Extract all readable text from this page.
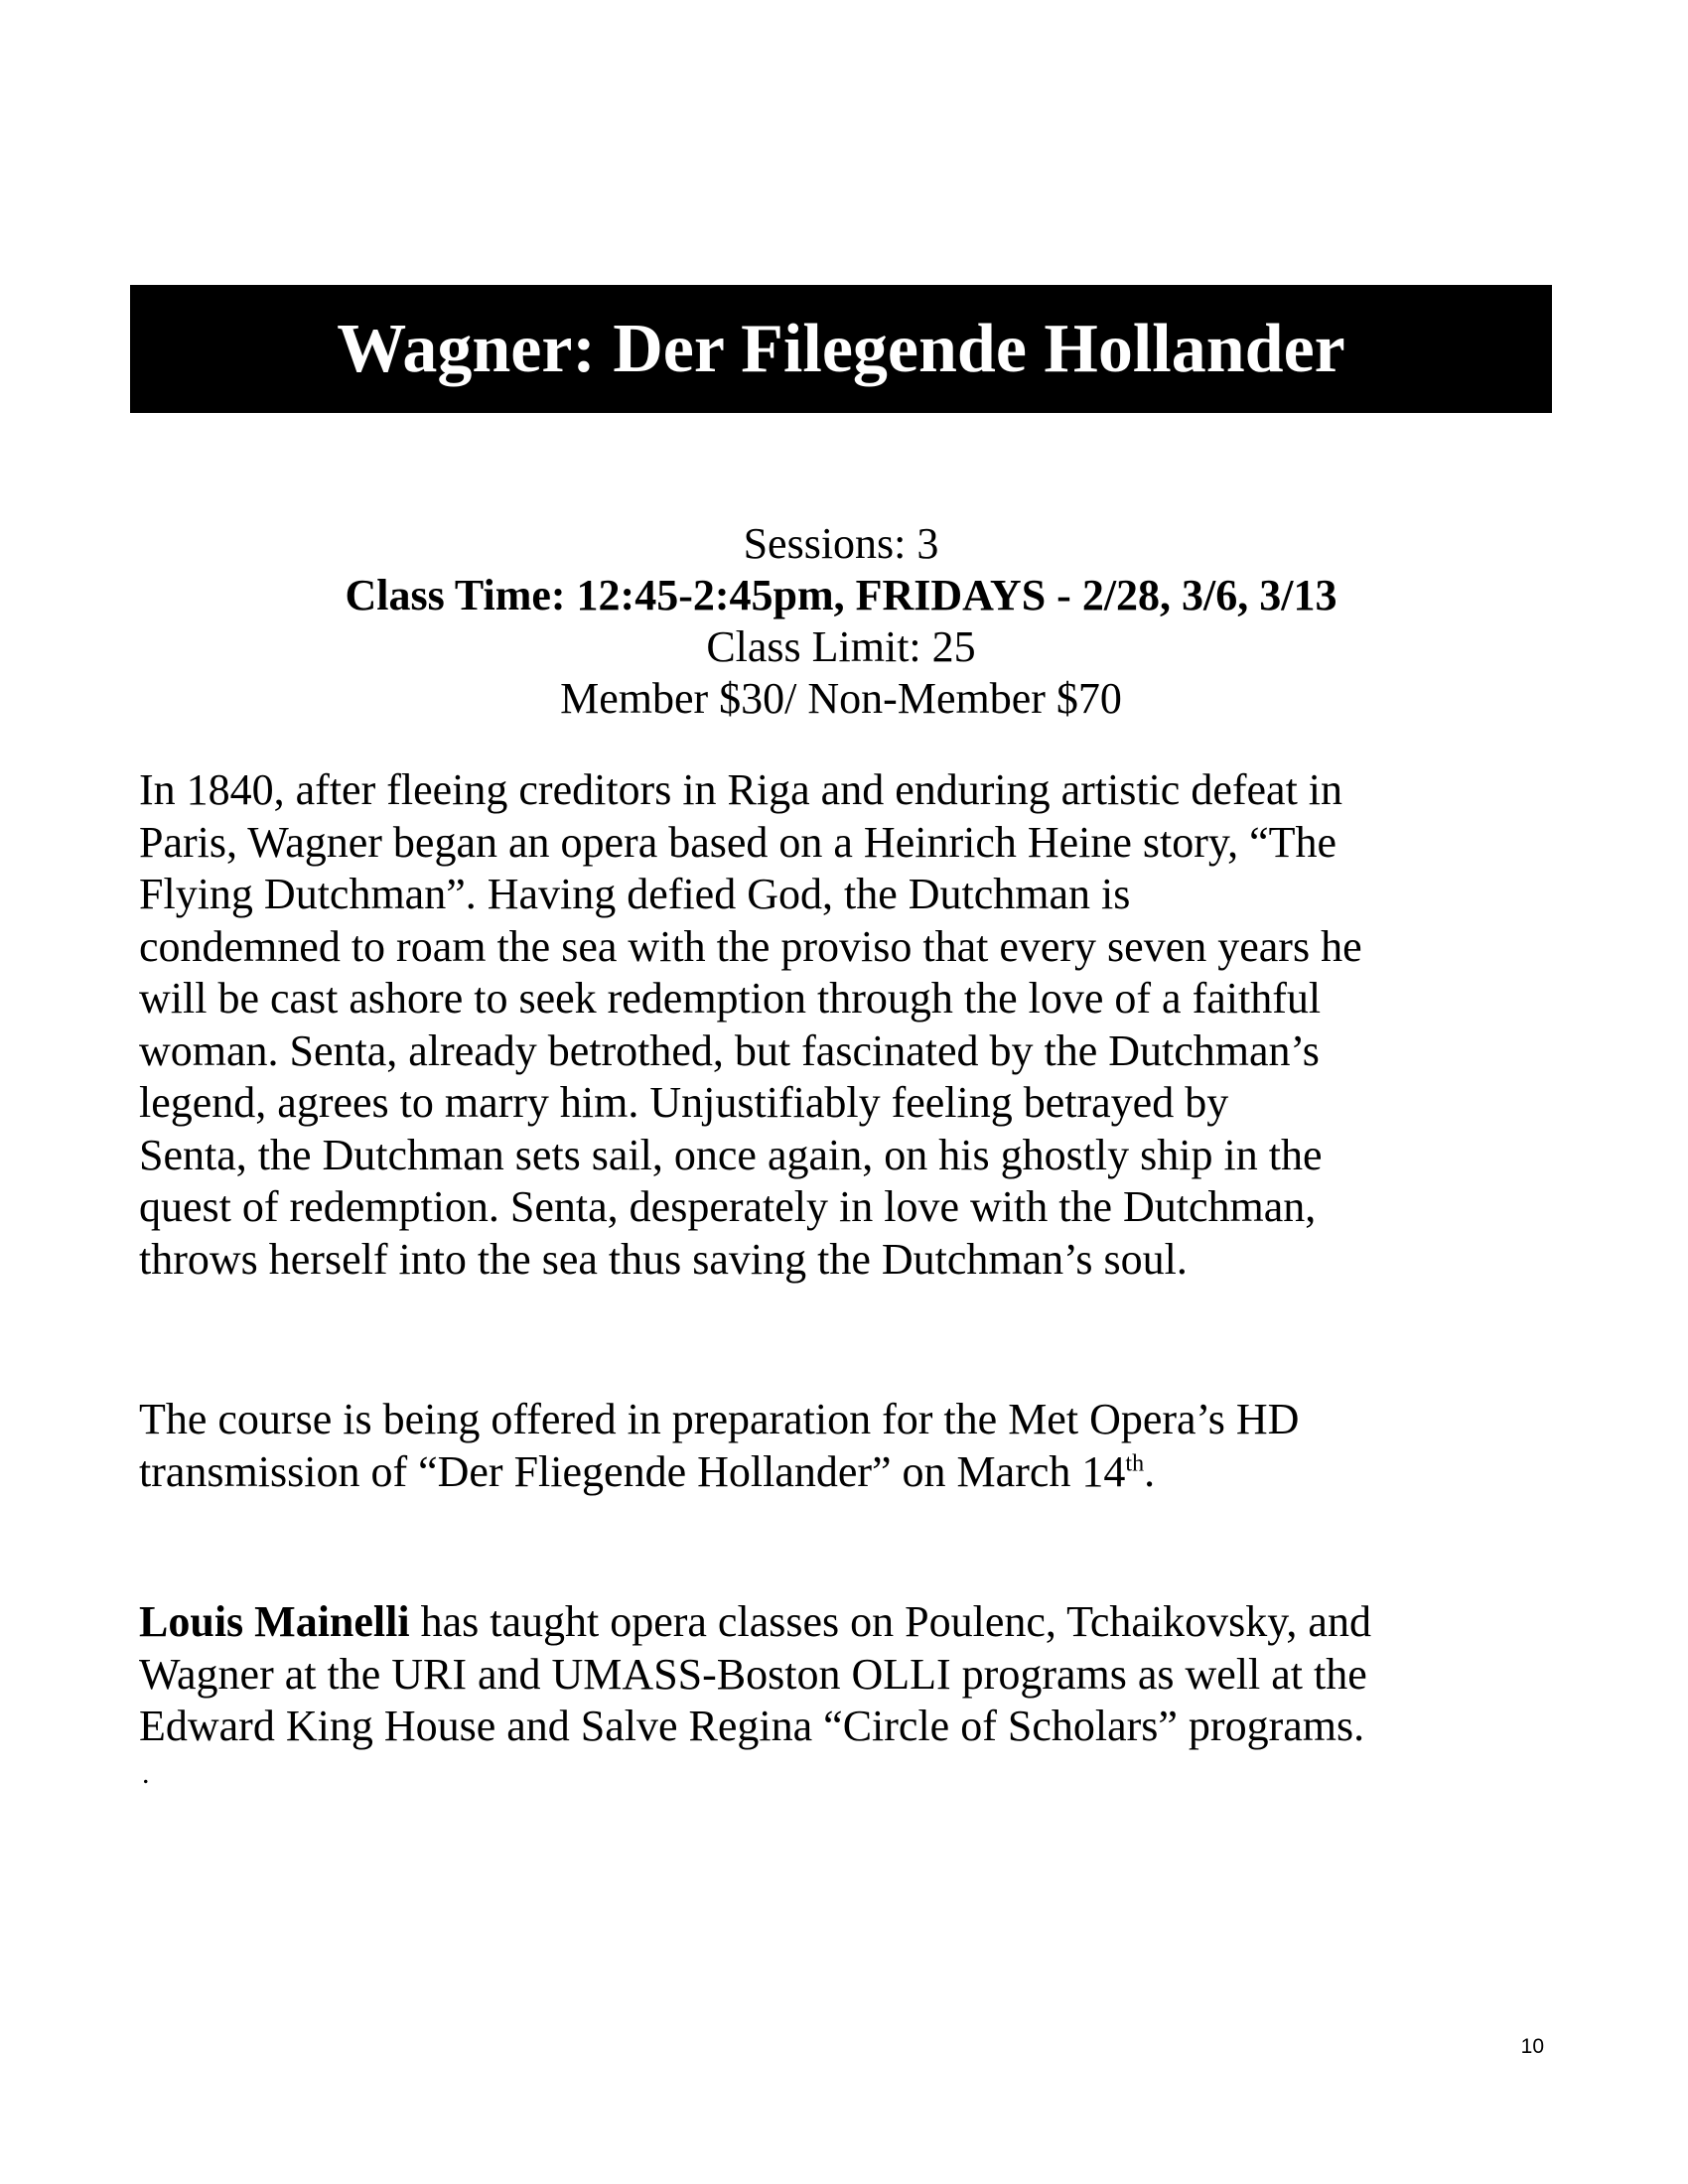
Wagner: Der Filegende Hollander
Sessions: 3
Class Time: 12:45-2:45pm, FRIDAYS - 2/28, 3/6, 3/13
Class Limit: 25
Member $30/ Non-Member $70
In 1840, after fleeing creditors in Riga and enduring artistic defeat in
Paris, Wagner began an opera based on a Heinrich Heine story, “The
Flying Dutchman”. Having defied God, the Dutchman is
condemned to roam the sea with the proviso that every seven years he
will be cast ashore to seek redemption through the love of a faithful
woman. Senta, already betrothed, but fascinated by the Dutchman’s
legend, agrees to marry him. Unjustifiably feeling betrayed by
Senta, the Dutchman sets sail, once again, on his ghostly ship in the
quest of redemption. Senta, desperately in love with the Dutchman,
throws herself into the sea thus saving the Dutchman’s soul.
The course is being offered in preparation for the Met Opera’s HD
transmission of “Der Fliegende Hollander” on March 14th.
Louis Mainelli has taught opera classes on Poulenc, Tchaikovsky, and
Wagner at the URI and UMASS-Boston OLLI programs as well at the
Edward King House and Salve Regina “Circle of Scholars” programs.
.
10
